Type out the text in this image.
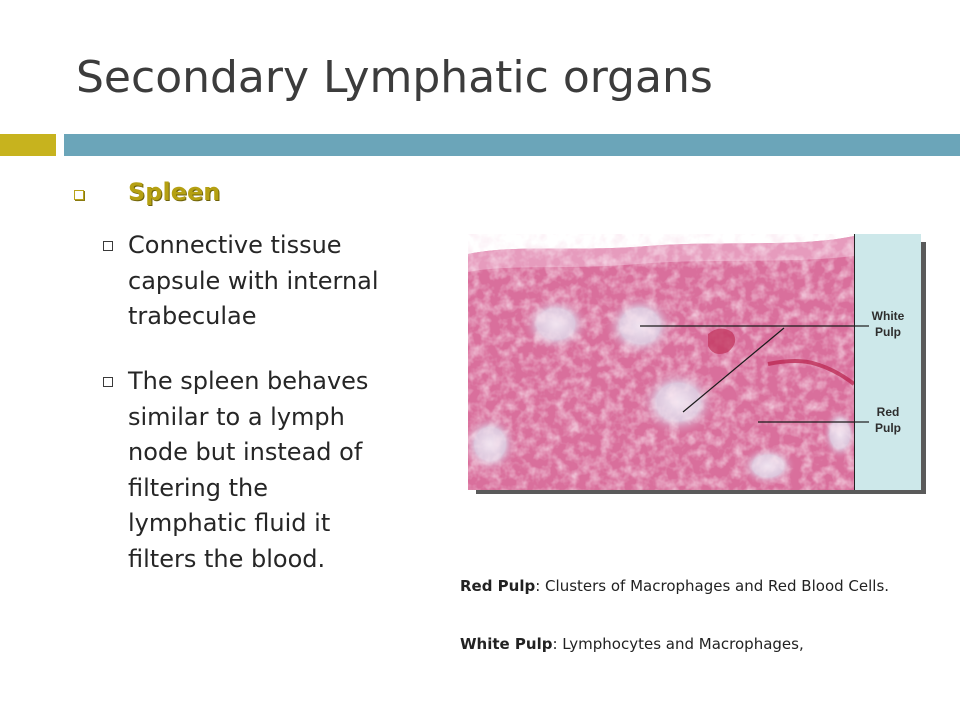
Secondary Lymphatic organs
Spleen

Connective tissue
capsule with internal
trabeculae

The spleen behaves
similar to a lymph
node but instead of
filtering the
lymphatic fluid it
filters the blood.

White
Pulp
Red
Pulp

Red Pulp: Clusters of Macrophages and Red Blood Cells.

White Pulp: Lymphocytes and Macrophages,
